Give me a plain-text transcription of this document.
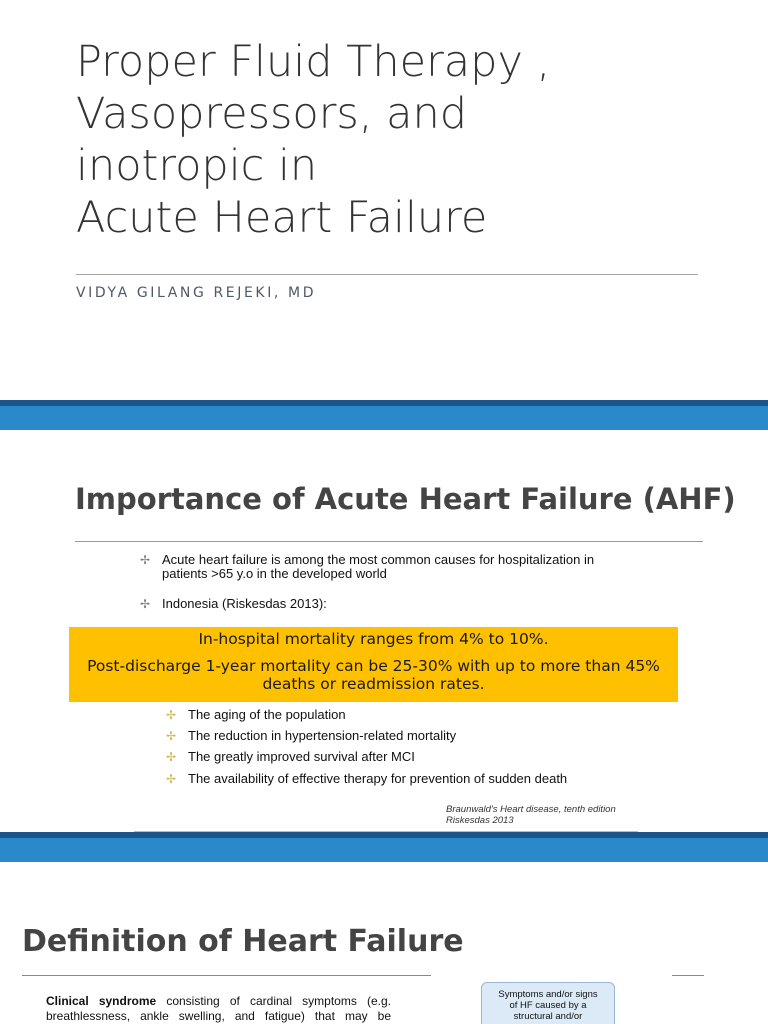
Proper Fluid Therapy ,
Vasopressors, and
inotropic in
Acute Heart Failure
VIDYA GILANG REJEKI, MD
Importance of Acute Heart Failure (AHF)
✢ Acute heart failure is among the most common causes for hospitalization in
patients >65 y.o in the developed world
✢ Indonesia (Riskesdas 2013):
In-hospital mortality ranges from 4% to 10%.
Post-discharge 1-year mortality can be 25-30% with up to more than 45% deaths or readmission rates.
✢ The aging of the population
✢ The reduction in hypertension-related mortality
✢ The greatly improved survival after MCI
✢ The availability of effective therapy for prevention of sudden death
Braunwald's Heart disease, tenth edition
Riskesdas 2013
Definition of Heart Failure
Clinical syndrome consisting of cardinal symptoms (e.g.
breathlessness, ankle swelling, and fatigue) that may be
Symptoms and/or signs
of HF caused by a
structural and/or
